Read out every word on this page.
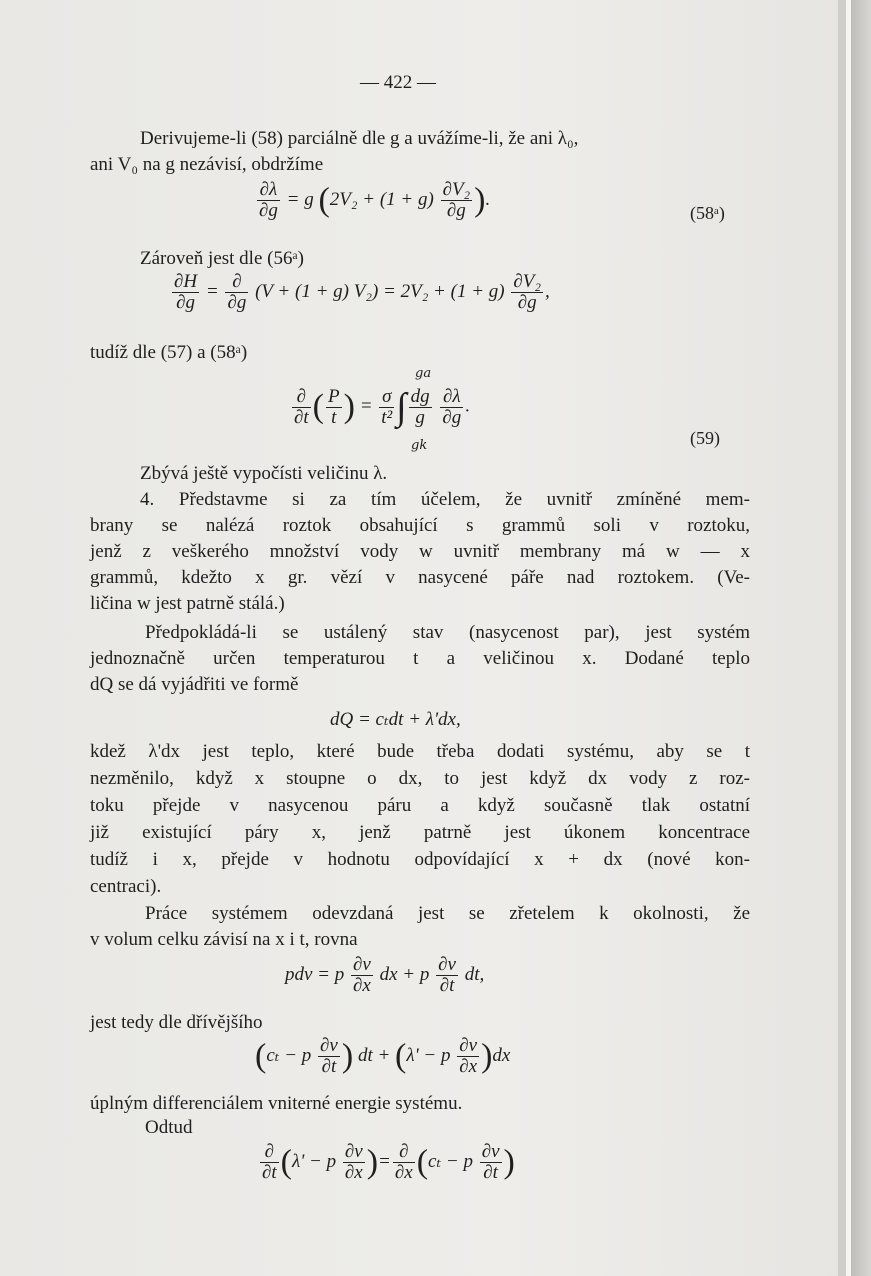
— 422 —
Derivujeme-li (58) parciálně dle g a uvážíme-li, že ani λ₀,
ani V₀ na g nezávisí, obdržíme
$\frac{\partial\lambda}{\partial g} = g$ ($2V_2 + (1 + g) \frac{\text{∂V₂}}{\partial g}$ ).
(58ᵃ)
Zároveň jest dle (56ᵃ)
$\frac{\partial H}{\partial g} = \frac{\partial}{\partial g} (V + (1 + g) V_2) = 2V_2 + (1 + g) \frac{\text{∂V₂}}{\partial g}$ ,
tudíž dle (57) a (58ᵃ)
$\frac{\partial}{\partial t}$ ( $\frac{P}{t}$ ) = $\frac{\sigma}{\text{t²}}$ ∫ $\frac{dg}{g}$
$\frac{\partial\lambda}{\partial g}$ .
ga
gk	(59)
Zbývá ještě vypočísti veličinu λ.
4. Představme si za tím účelem, že uvnitř zmíněné mem-
brany se nalézá roztok obsahující s grammů soli v roztoku,
jenž z veškerého množství vody w uvnitř membrany má w — x
grammů, kdežto x gr. vězí v nasycené páře nad roztokem. (Ve-
ličina w jest patrně stálá.)
Předpokládá-li se ustálený stav (nasycenost par), jest systém
jednoznačně určen temperaturou t a veličinou x. Dodané teplo
dQ se dá vyjádřiti ve formě
dQ = cₜdt + λ'dx,
kdež λ'dx jest teplo, které bude třeba dodati systému, aby se t
nezměnilo, když x stoupne o dx, to jest když dx vody z roz-
toku přejde v nasycenou páru a když současně tlak ostatní
již existující páry x, jenž patrně jest úkonem koncentrace
tudíž i x, přejde v hodnotu odpovídající x + dx (nové kon-
centraci).
Práce systémem odevzdaná jest se zřetelem k okolnosti, že
v volum celku závisí na x i t, rovna
pdv = p $\frac{\partial v}{\partial x}$ dx + p $\frac{\partial v}{\partial t}$ dt,
jest tedy dle dřívějšího
(cₜ − p $\frac{\partial v}{\partial t}$ ) dt + (λ' − p $\frac{\partial v}{\partial x} )dx$
úplným differenciálem vniterné energie systému.
Odtud
$\frac{\partial}{\partial t} (\lambda' - p \frac{\partial v}{\partial x}$ )= $\frac{\partial}{\partial x} (c_t - p \frac{\partial v}{\partial t}$ )
